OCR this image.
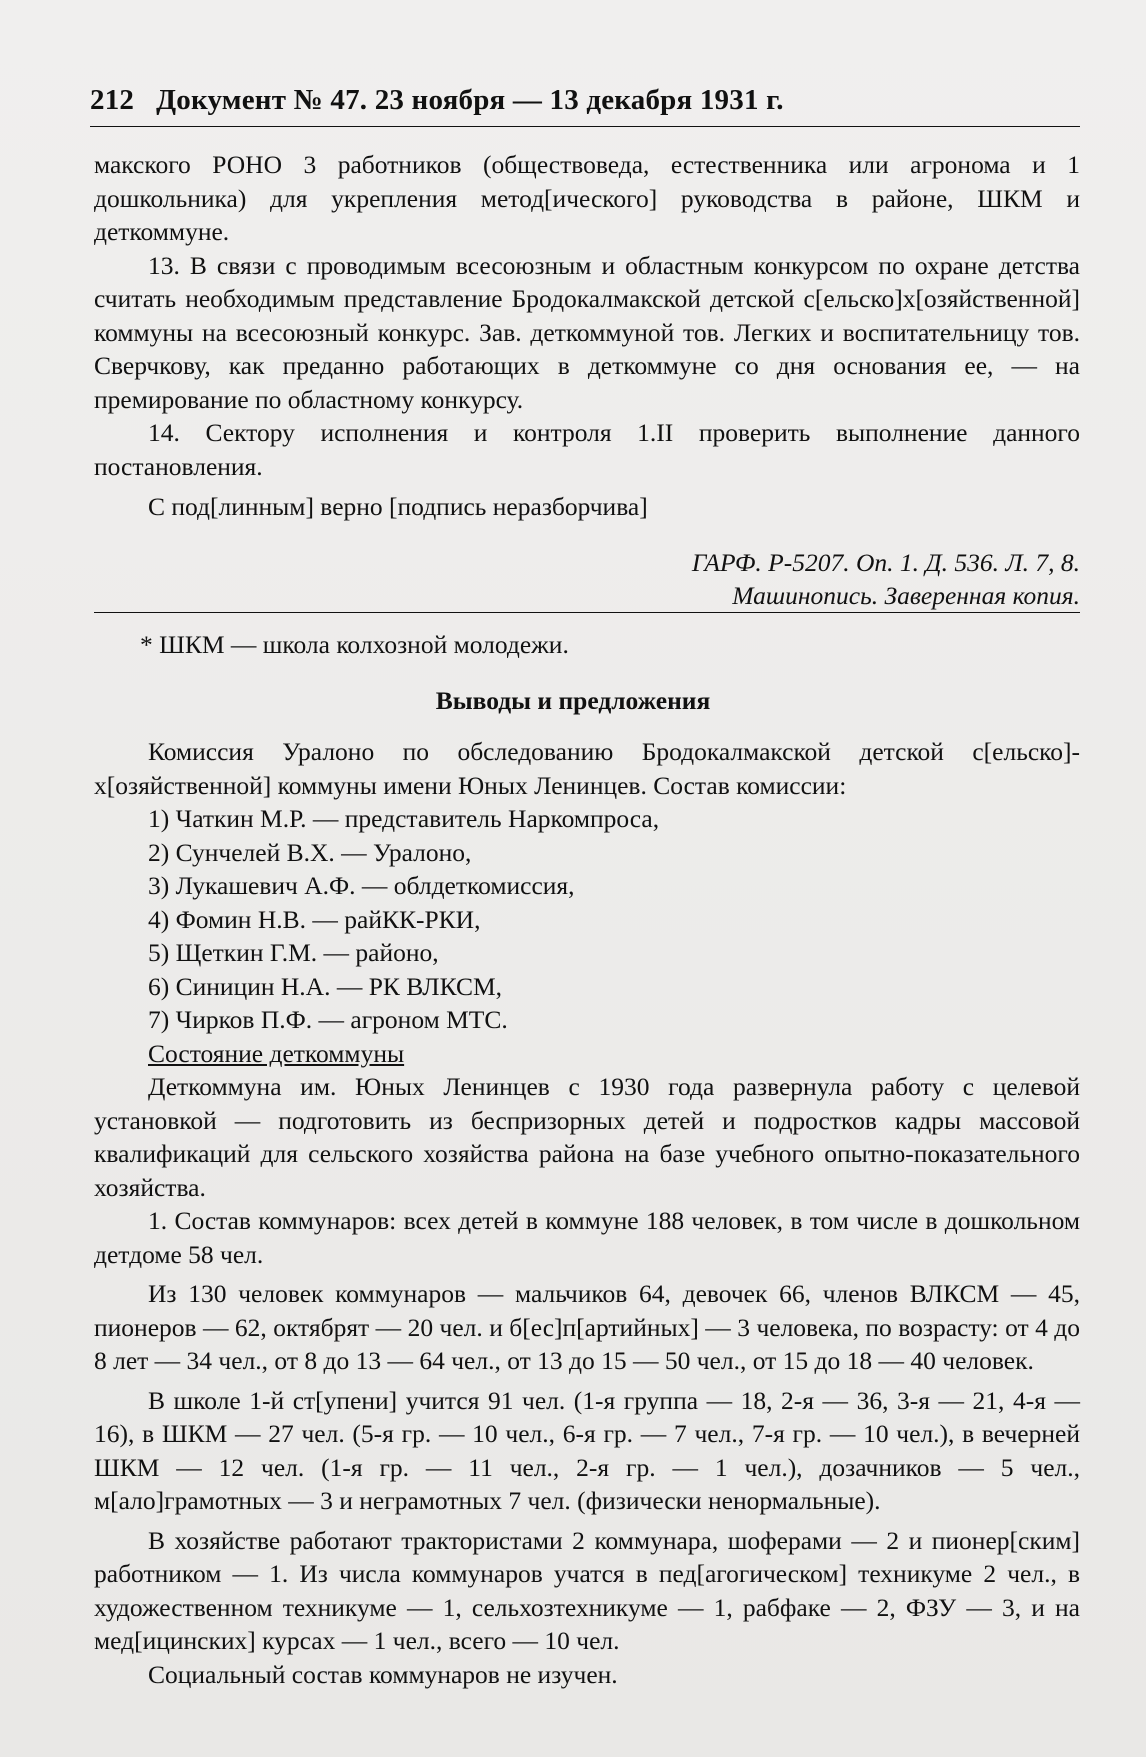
212 Документ № 47. 23 ноября — 13 декабря 1931 г.

макского РОНО 3 работников (обществоведа, естественника или агронома и 1 дошкольника) для укрепления метод[ического] руководства в районе, ШКМ и деткоммуне.

13. В связи с проводимым всесоюзным и областным конкурсом по охране детства считать необходимым представление Бродокалмакской детской с[ельско]х[озяйственной] коммуны на всесоюзный конкурс. Зав. деткоммуной тов. Легких и воспитательницу тов. Сверчкову, как преданно работающих в деткоммуне со дня основания ее, — на премирование по областному конкурсу.

14. Сектору исполнения и контроля 1.II проверить выполнение данного постановления.

С под[линным] верно [подпись неразборчива]

ГАРФ. Р-5207. Оп. 1. Д. 536. Л. 7, 8.
Машинопись. Заверенная копия.
* ШКМ — школа колхозной молодежи.
Выводы и предложения

Комиссия Уралоно по обследованию Бродокалмакской детской с[ельско]-х[озяйственной] коммуны имени Юных Ленинцев. Состав комиссии:

1) Чаткин М.Р. — представитель Наркомпроса,
2) Сунчелей В.Х. — Уралоно,
3) Лукашевич А.Ф. — облдеткомиссия,
4) Фомин Н.В. — райКК-РКИ,
5) Щеткин Г.М. — районо,
6) Синицин Н.А. — РК ВЛКСМ,
7) Чирков П.Ф. — агроном МТС.

Состояние деткоммуны

Деткоммуна им. Юных Ленинцев с 1930 года развернула работу с целевой установкой — подготовить из беспризорных детей и подростков кадры массовой квалификаций для сельского хозяйства района на базе учебного опытно-показательного хозяйства.

1. Состав коммунаров: всех детей в коммуне 188 человек, в том числе в дошкольном детдоме 58 чел.

Из 130 человек коммунаров — мальчиков 64, девочек 66, членов ВЛКСМ — 45, пионеров — 62, октябрят — 20 чел. и б[ес]п[артийных] — 3 человека, по возрасту: от 4 до 8 лет — 34 чел., от 8 до 13 — 64 чел., от 13 до 15 — 50 чел., от 15 до 18 — 40 человек.

В школе 1-й ст[упени] учится 91 чел. (1-я группа — 18, 2-я — 36, 3-я — 21, 4-я — 16), в ШКМ — 27 чел. (5-я гр. — 10 чел., 6-я гр. — 7 чел., 7-я гр. — 10 чел.), в вечерней ШКМ — 12 чел. (1-я гр. — 11 чел., 2-я гр. — 1 чел.), дозачников — 5 чел., м[ало]грамотных — 3 и неграмотных 7 чел. (физически ненормальные).

В хозяйстве работают трактористами 2 коммунара, шоферами — 2 и пионер[ским] работником — 1. Из числа коммунаров учатся в пед[агогическом] техникуме 2 чел., в художественном техникуме — 1, сельхозтехникуме — 1, рабфаке — 2, ФЗУ — 3, и на мед[ицинских] курсах — 1 чел., всего — 10 чел.

Социальный состав коммунаров не изучен.
